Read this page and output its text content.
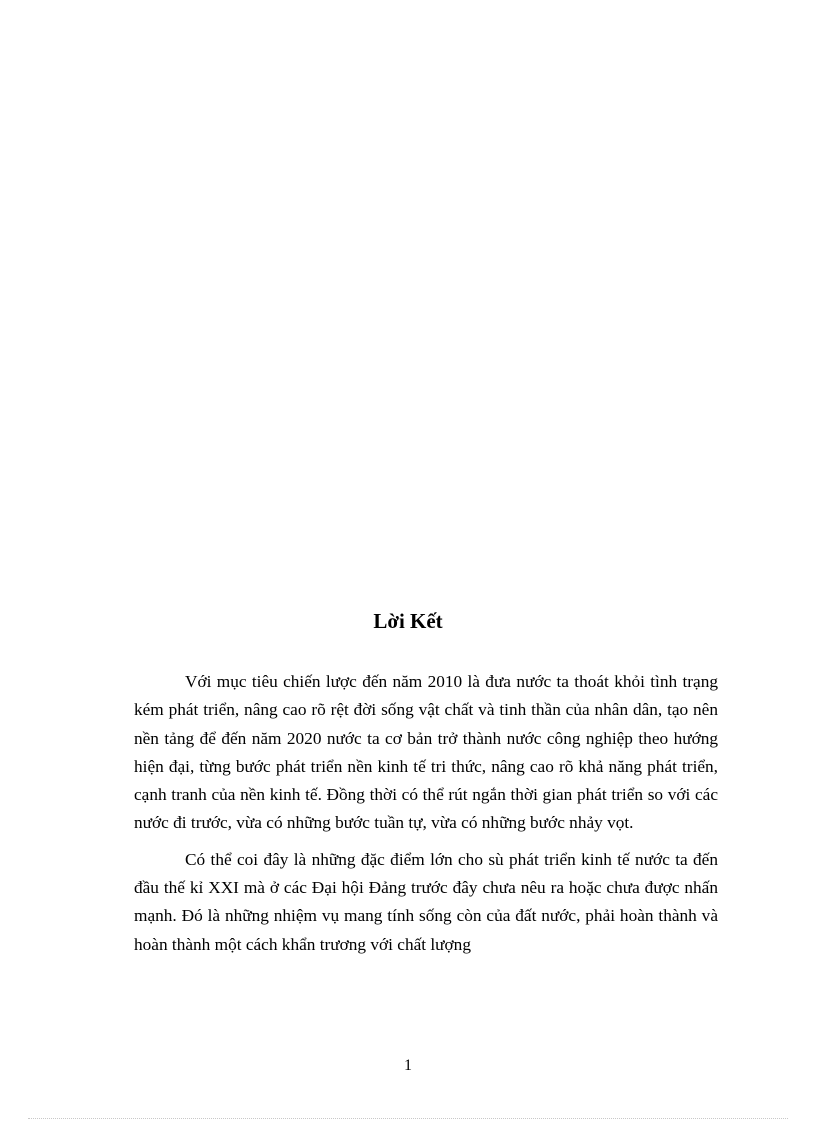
Lời Kết

Với mục tiêu chiến lược đến năm 2010 là đưa nước ta thoát khỏi tình trạng kém phát triển, nâng cao rõ rệt đời sống vật chất và tinh thần của nhân dân, tạo nên nền tảng để đến năm 2020 nước ta cơ bản trở thành nước công nghiệp theo hướng hiện đại, từng bước phát triển nền kinh tế tri thức, nâng cao rõ khả năng phát triển, cạnh tranh của nền kinh tế. Đồng thời có thể rút ngắn thời gian phát triển so với các nước đi trước, vừa có những bước tuần tự, vừa có những bước nhảy vọt.

Có thể coi đây là những đặc điểm lớn cho sù phát triển kinh tế nước ta đến đầu thế kỉ XXI mà ở các Đại hội Đảng trước đây chưa nêu ra hoặc chưa được nhấn mạnh. Đó là những nhiệm vụ mang tính sống còn của đất nước, phải hoàn thành và hoàn thành một cách khẩn trương với chất lượng

1
